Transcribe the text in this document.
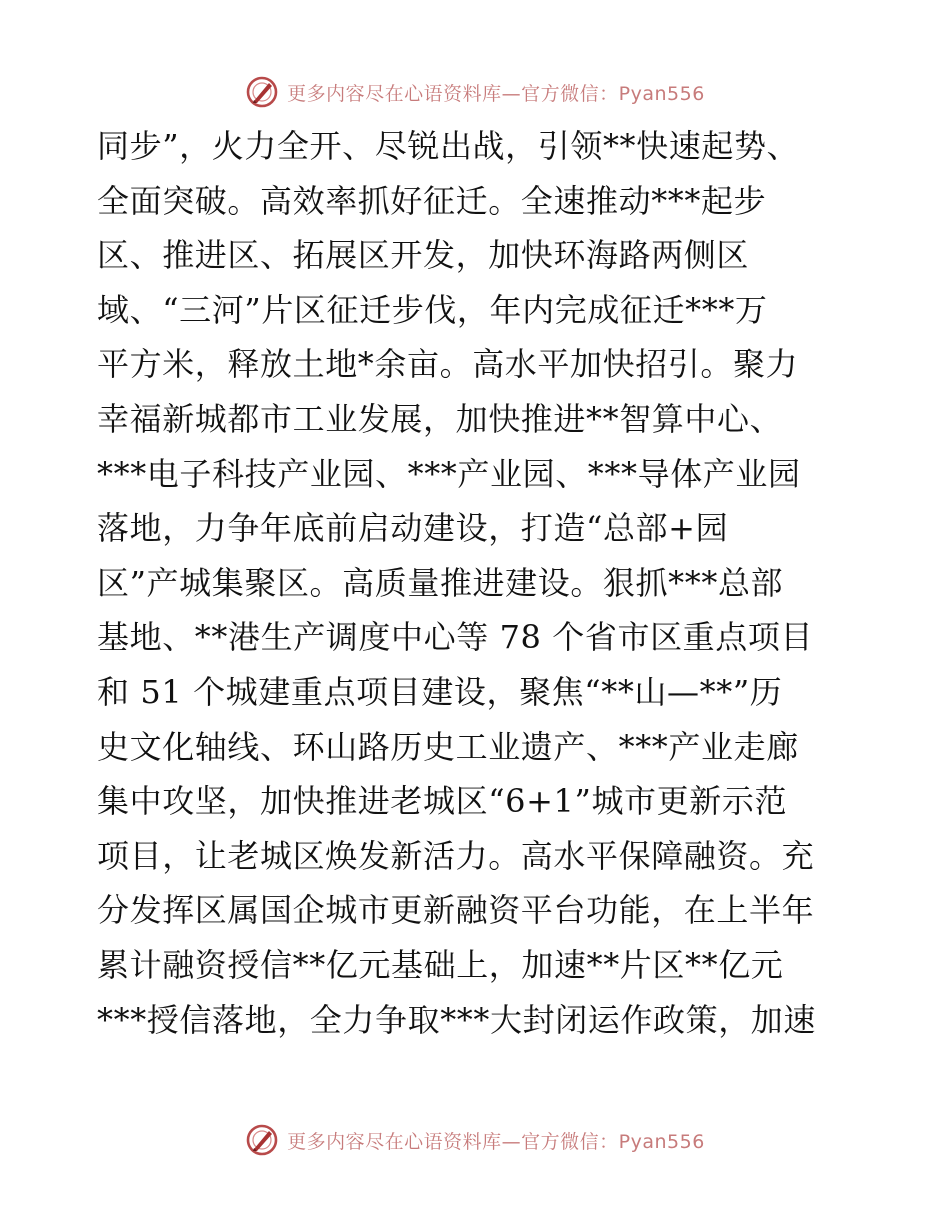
更多内容尽在心语资料库—官方微信：Pyan556
同步”，火力全开、尽锐出战，引领**快速起势、
全面突破。高效率抓好征迁。全速推动***起步
区、推进区、拓展区开发，加快环海路两侧区
域、“三河”片区征迁步伐，年内完成征迁***万
平方米，释放土地*余亩。高水平加快招引。聚力
幸福新城都市工业发展，加快推进**智算中心、
***电子科技产业园、***产业园、***导体产业园
落地，力争年底前启动建设，打造“总部+园
区”产城集聚区。高质量推进建设。狠抓***总部
基地、**港生产调度中心等 78 个省市区重点项目
和 51 个城建重点项目建设，聚焦“**山—**”历
史文化轴线、环山路历史工业遗产、***产业走廊
集中攻坚，加快推进老城区“6+1”城市更新示范
项目，让老城区焕发新活力。高水平保障融资。充
分发挥区属国企城市更新融资平台功能，在上半年
累计融资授信**亿元基础上，加速**片区**亿元
***授信落地，全力争取***大封闭运作政策，加速
更多内容尽在心语资料库—官方微信：Pyan556
